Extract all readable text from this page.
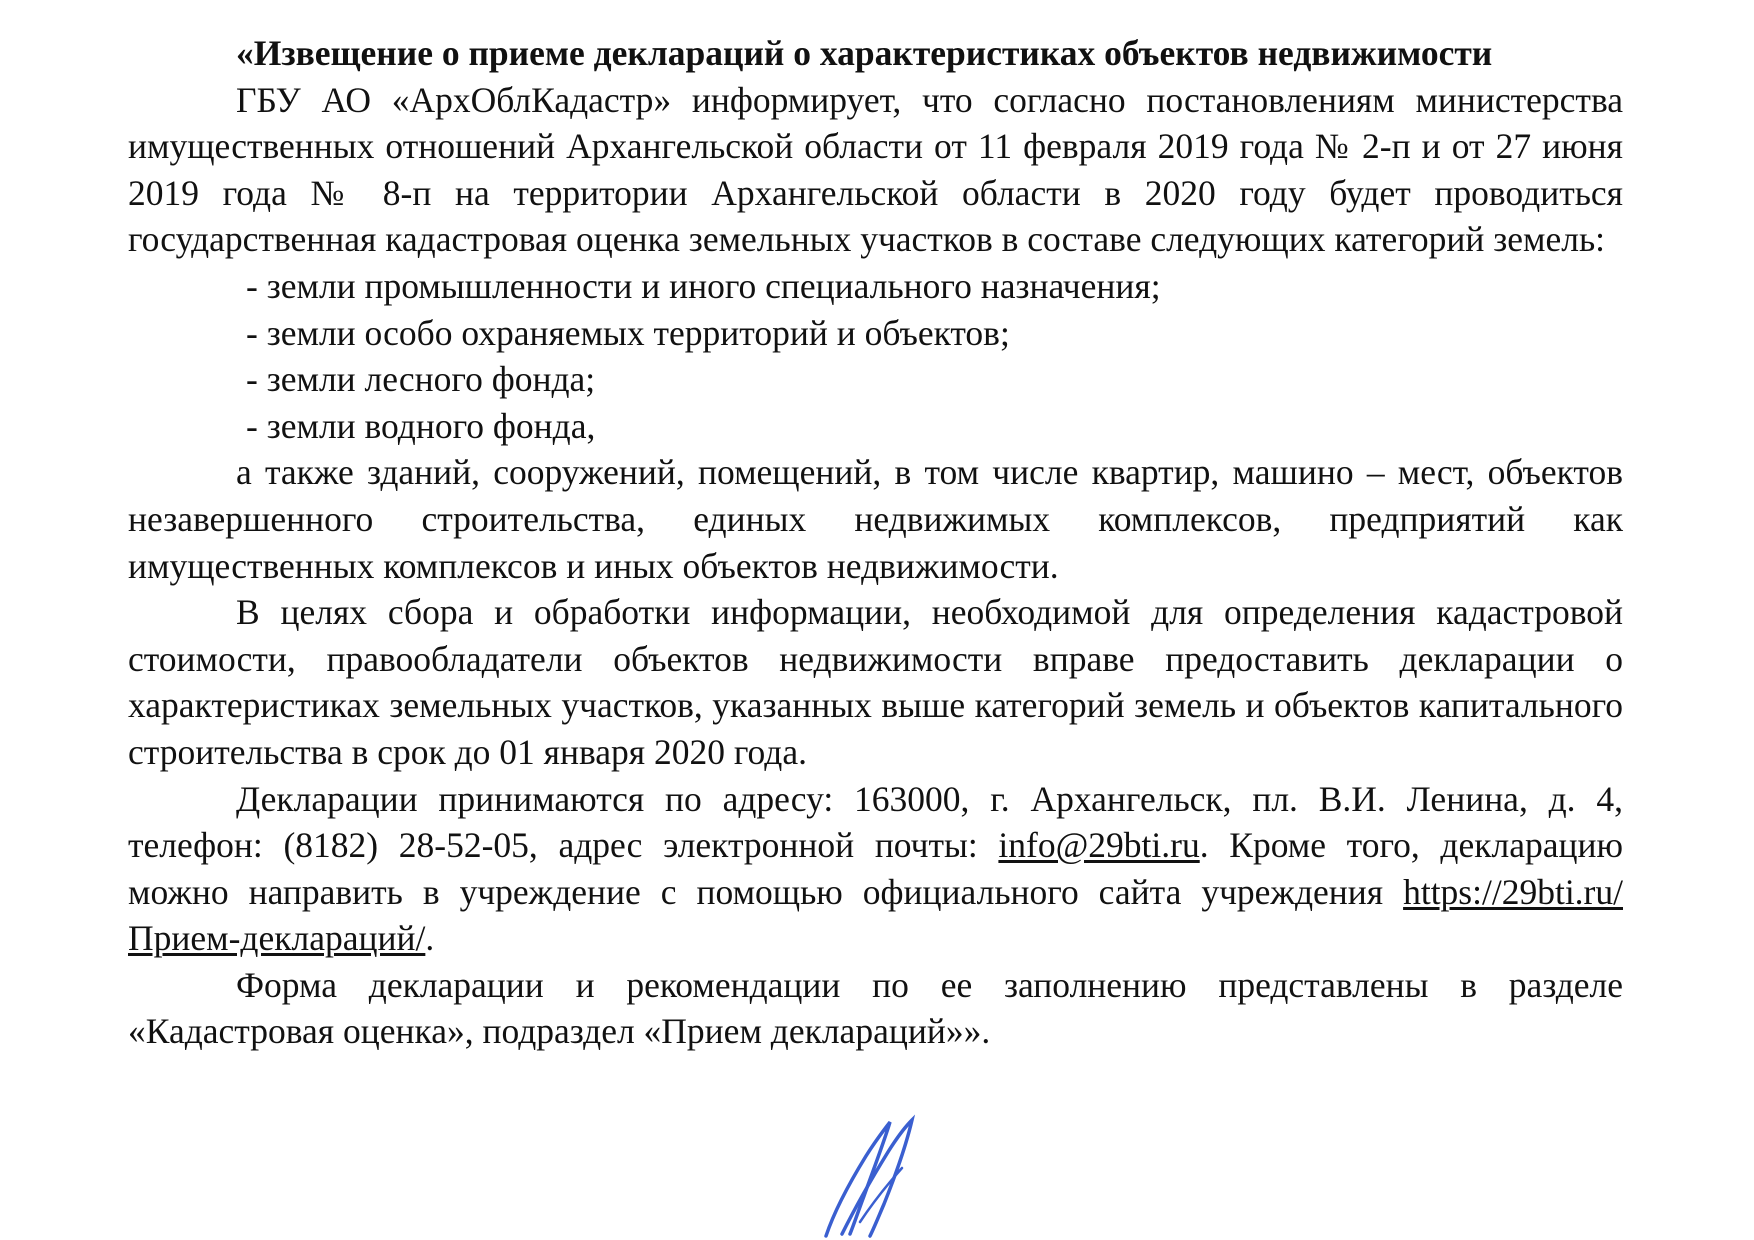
«Извещение о приеме деклараций о характеристиках объектов недвижимости

ГБУ АО «АрхОблКадастр» информирует, что согласно постановлениям министерства имущественных отношений Архангельской области от 11 февраля 2019 года № 2-п и от 27 июня 2019 года № 8-п на территории Архангельской области в 2020 году будет проводиться государственная кадастровая оценка земельных участков в составе следующих категорий земель:

- земли промышленности и иного специального назначения;
- земли особо охраняемых территорий и объектов;
- земли лесного фонда;
- земли водного фонда,

а также зданий, сооружений, помещений, в том числе квартир, машино – мест, объектов незавершенного строительства, единых недвижимых комплексов, предприятий как имущественных комплексов и иных объектов недвижимости.

В целях сбора и обработки информации, необходимой для определения кадастровой стоимости, правообладатели объектов недвижимости вправе предоставить декларации о характеристиках земельных участков, указанных выше категорий земель и объектов капитального строительства в срок до 01 января 2020 года.

Декларации принимаются по адресу: 163000, г. Архангельск, пл. В.И. Ленина, д. 4, телефон: (8182) 28-52-05, адрес электронной почты: info@29bti.ru. Кроме того, декларацию можно направить в учреждение с помощью официального сайта учреждения https://29bti.ru/Прием-деклараций/.

Форма декларации и рекомендации по ее заполнению представлены в разделе «Кадастровая оценка», подраздел «Прием деклараций»».
